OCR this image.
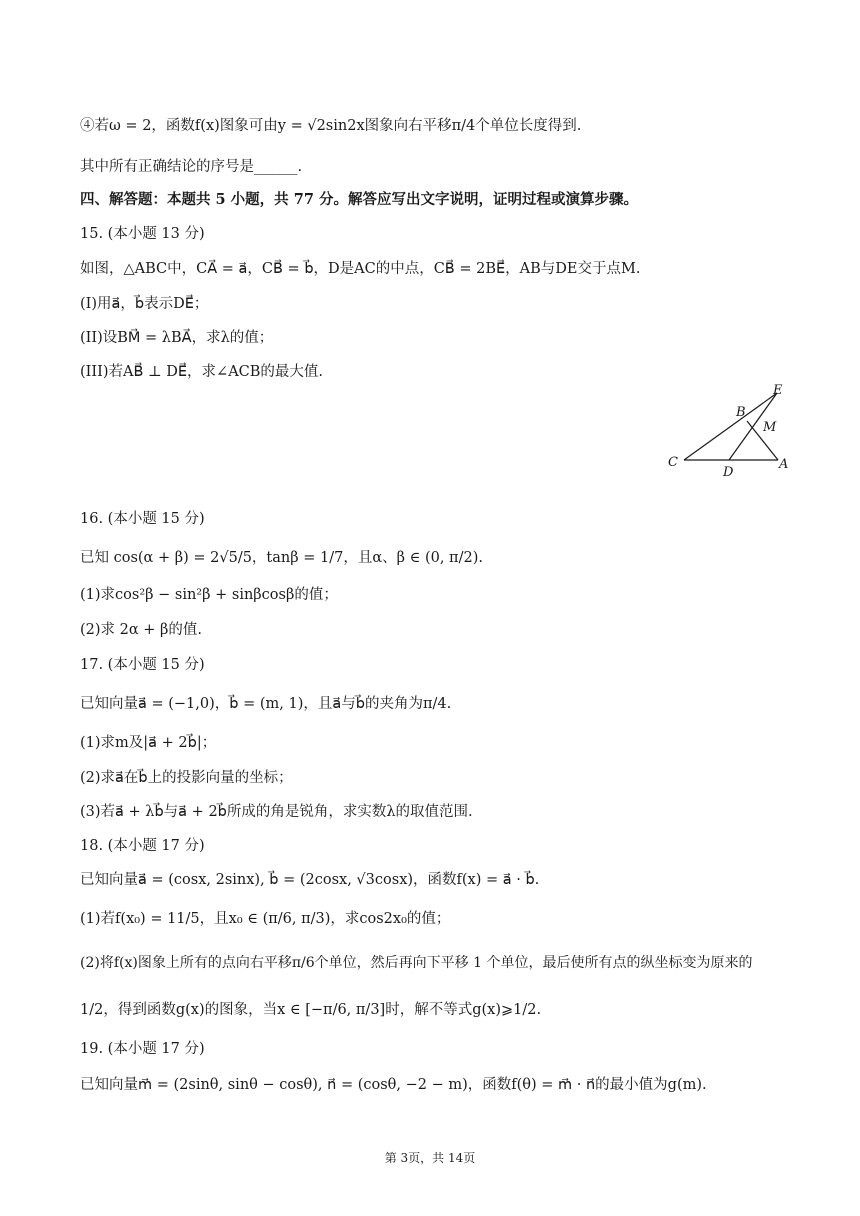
④若ω = 2，函数f(x)图象可由y = √2sin2x图象向右平移π/4个单位长度得到.
其中所有正确结论的序号是______.
四、解答题：本题共 5 小题，共 77 分。解答应写出文字说明，证明过程或演算步骤。
15. (本小题 13 分)
如图，△ABC中，CA⃗ = a⃗，CB⃗ = b⃗，D是AC的中点，CB⃗ = 2BE⃗，AB与DE交于点M.
(I)用a⃗，b⃗表示DE⃗；
(II)设BM⃗ = λBA⃗，求λ的值；
(III)若AB⃗ ⊥ DE⃗，求∠ACB的最大值.
B
E
M
C
D
A
16. (本小题 15 分)
已知 cos(α + β) = 2√5/5，tanβ = 1/7，且α、β ∈ (0, π/2).
(1)求cos²β − sin²β + sinβcosβ的值；
(2)求 2α + β的值.
17. (本小题 15 分)
已知向量a⃗ = (−1,0)，b⃗ = (m, 1)，且a⃗与b⃗的夹角为π/4.
(1)求m及|a⃗ + 2b⃗|；
(2)求a⃗在b⃗上的投影向量的坐标；
(3)若a⃗ + λb⃗与a⃗ + 2b⃗所成的角是锐角，求实数λ的取值范围.
18. (本小题 17 分)
已知向量a⃗ = (cosx, 2sinx), b⃗ = (2cosx, √3cosx)，函数f(x) = a⃗ · b⃗.
(1)若f(x₀) = 11/5，且x₀ ∈ (π/6, π/3)，求cos2x₀的值；
(2)将f(x)图象上所有的点向右平移π/6个单位，然后再向下平移 1 个单位，最后使所有点的纵坐标变为原来的
1/2，得到函数g(x)的图象，当x ∈ [−π/6, π/3]时，解不等式g(x)⩾1/2.
19. (本小题 17 分)
已知向量m⃗ = (2sinθ, sinθ − cosθ), n⃗ = (cosθ, −2 − m)，函数f(θ) = m⃗ · n⃗的最小值为g(m).
第 3页，共 14页
